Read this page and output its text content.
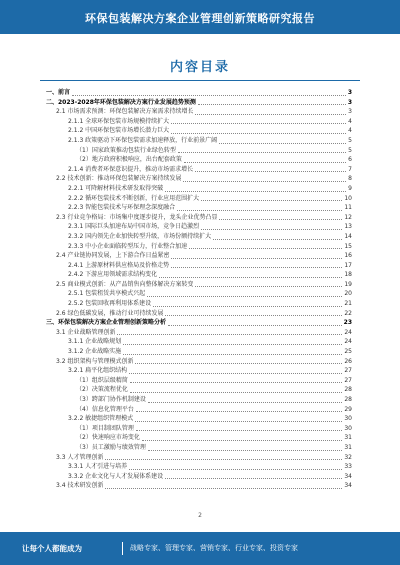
环保包装解决方案企业管理创新策略研究报告
内容目录
一、前言	3
二、2023-2028年环保包装解决方案行业发展趋势预测	3
2.1 市场需求预测：环保包装解决方案需求持续增长	3
2.1.1 全球环保包装市场规模持续扩大	4
2.1.2 中国环保包装市场增长潜力巨大	4
2.1.3 政策驱动下环保包装需求加速释放，行业前景广阔	5
（1）国家政策推动包装行业绿色转型	5
（2）地方政府积极响应，出台配套政策	6
2.1.4 消费者环保意识提升，推动市场需求增长	7
2.2 技术创新：推动环保包装解决方案持续发展	8
2.2.1 可降解材料技术研发取得突破	9
2.2.2 循环包装技术不断创新，行业应用范围扩大	10
2.2.3 智能包装技术与环保理念深度融合	11
2.3 行业竞争格局：市场集中度逐步提升，龙头企业优势凸显	12
2.3.1 国际巨头加速布局中国市场，竞争日趋激烈	13
2.3.2 国内领先企业加快转型升级，市场份额持续扩大	14
2.3.3 中小企业面临转型压力，行业整合加速	15
2.4 产业链协同发展，上下游合作日益紧密	16
2.4.1 上游原材料供应格局及价格走势	17
2.4.2 下游应用领域需求结构变化	18
2.5 商业模式创新：从产品销售向整体解决方案转变	19
2.5.1 包装租赁共享模式兴起	20
2.5.2 包装回收再利用体系建设	21
2.6 绿色低碳发展，推动行业可持续发展	22
三、环保包装解决方案企业管理创新策略分析	23
3.1 企业战略管理创新	24
3.1.1 企业战略规划	24
3.1.2 企业战略实施	25
3.2 组织架构与管理模式创新	26
3.2.1 扁平化组织结构	27
（1）组织层级精简	27
（2）决策流程优化	28
（3）跨部门协作机制建设	28
（4）信息化管理平台	29
3.2.2 敏捷组织管理模式	30
（1）项目制团队管理	30
（2）快速响应市场变化	31
（3）员工激励与绩效管理	31
3.3 人才管理创新	32
3.3.1 人才引进与培养	33
3.3.2 企业文化与人才发展体系建设	34
3.4 技术研发创新	34
2
让每个人都能成为	战略专家、管理专家、营销专家、行业专家、投资专家
